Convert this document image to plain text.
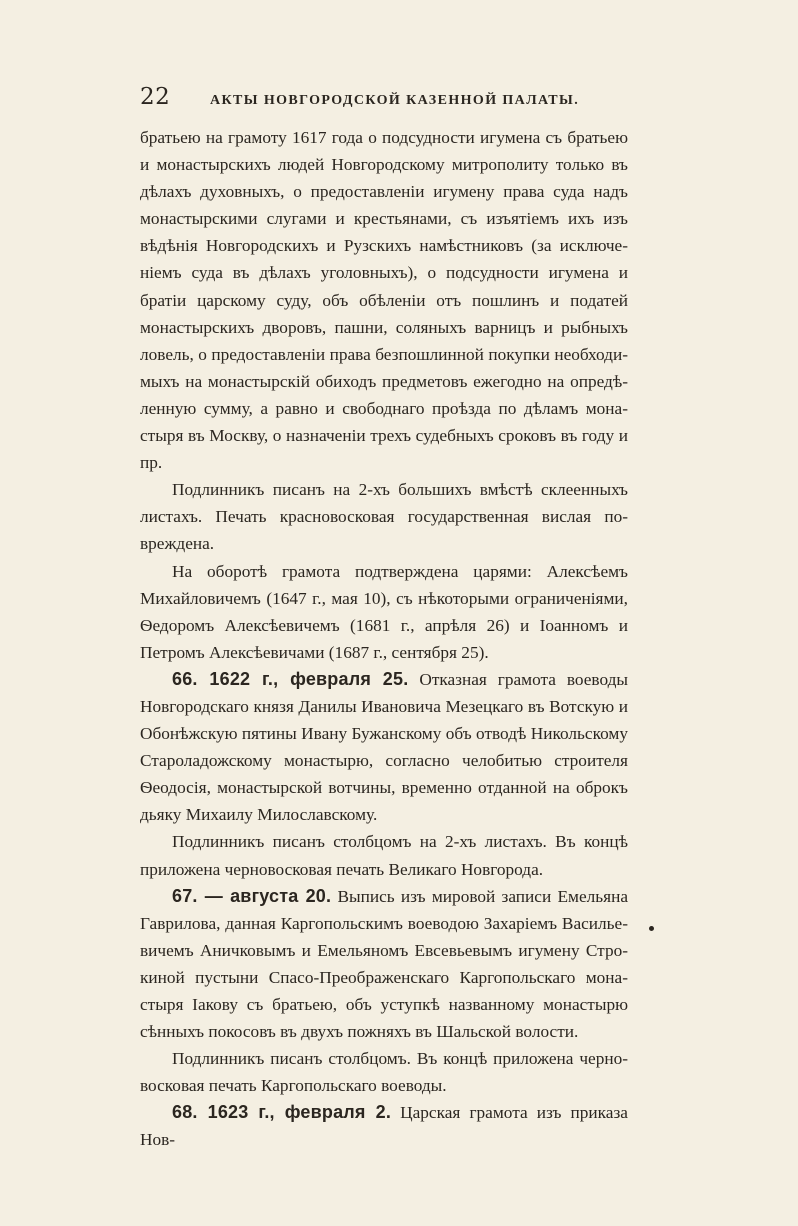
22	АКТЫ НОВГОРОДСКОЙ КАЗЕННОЙ ПАЛАТЫ.

братьею на грамоту 1617 года о подсудности игумена съ братьею и монастырскихъ людей Новгородскому митрополиту только въ дѣлахъ духовныхъ, о предоставленіи игумену права суда надъ монастырскими слугами и крестьянами, съ изъятіемъ ихъ изъ вѣдѣнія Новгородскихъ и Рузскихъ намѣстниковъ (за исключеніемъ суда въ дѣлахъ уголовныхъ), о подсудности игумена и братіи царскому суду, объ обѣленіи отъ пошлинъ и податей монастырскихъ дворовъ, пашни, соляныхъ варницъ и рыбныхъ ловель, о предоставленіи права безпошлинной покупки необходимыхъ на монастырскій обиходъ предметовъ ежегодно на опредѣленную сумму, а равно и свободнаго проѣзда по дѣламъ монастыря въ Москву, о назначеніи трехъ судебныхъ сроковъ въ году и пр.

Подлинникъ писанъ на 2-хъ большихъ вмѣстѣ склеенныхъ листахъ. Печать красновосковая государственная вислая повреждена.

На оборотѣ грамота подтверждена царями: Алексѣемъ Михайловичемъ (1647 г., мая 10), съ нѣкоторыми ограниченіями, Ѳедоромъ Алексѣевичемъ (1681 г., апрѣля 26) и Іоанномъ и Петромъ Алексѣевичами (1687 г., сентября 25).

66. 1622 г., февраля 25. Отказная грамота воеводы Новгородскаго князя Данилы Ивановича Мезецкаго въ Вотскую и Обонѣжскую пятины Ивану Бужанскому объ отводѣ Никольскому Староладожскому монастырю, согласно челобитью строителя Ѳеодосія, монастырской вотчины, временно отданной на оброкъ дьяку Михаилу Милославскому.

Подлинникъ писанъ столбцомъ на 2-хъ листахъ. Въ концѣ приложена черновосковая печать Великаго Новгорода.

67. — августа 20. Выпись изъ мировой записи Емельяна Гаврилова, данная Каргопольскимъ воеводою Захаріемъ Васильевичемъ Аничковымъ и Емельяномъ Евсевьевымъ игумену Строкиной пустыни Спасо-Преображенскаго Каргопольскаго монастыря Іакову съ братьею, объ уступкѣ названному монастырю сѣнныхъ покосовъ въ двухъ пожняхъ въ Шальской волости.

Подлинникъ писанъ столбцомъ. Въ концѣ приложена черновосковая печать Каргопольскаго воеводы.

68. 1623 г., февраля 2. Царская грамота изъ приказа Нов-
